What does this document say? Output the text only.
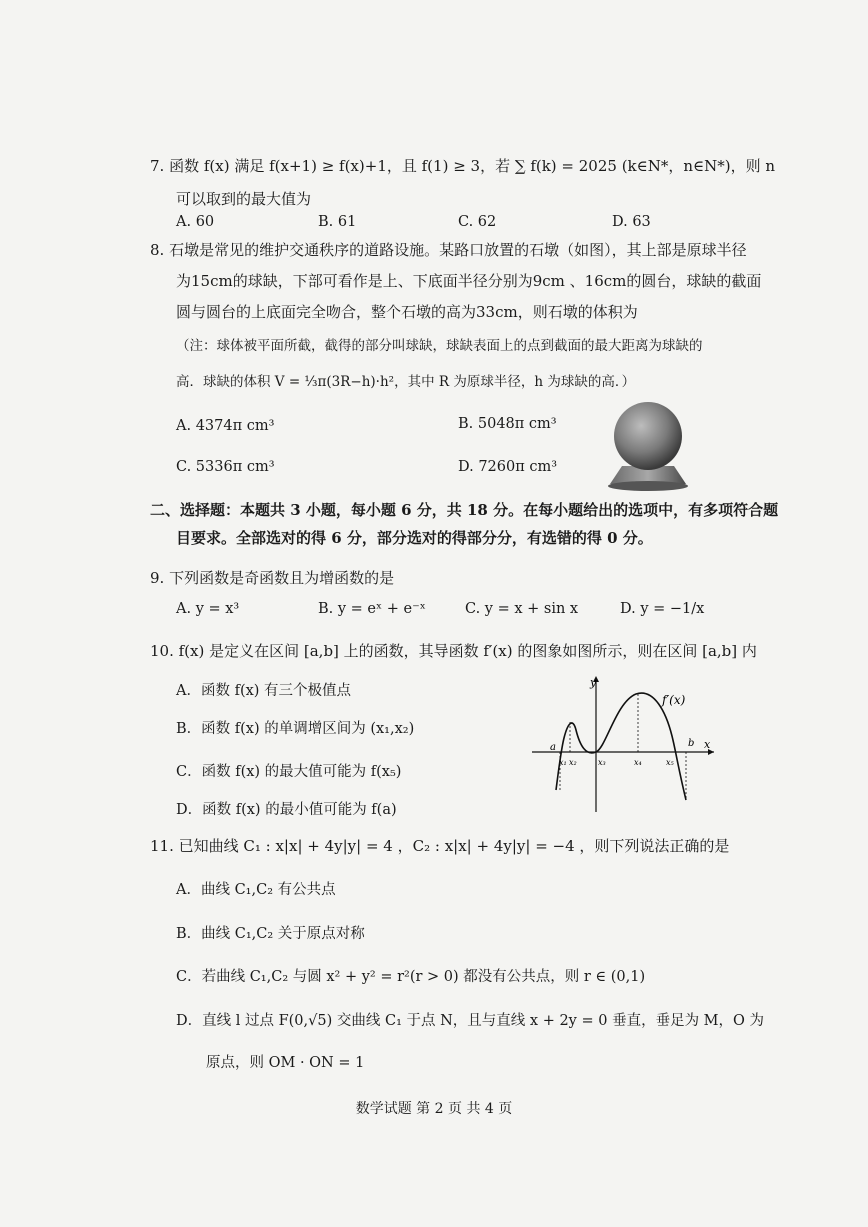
7. 函数 f(x) 满足 f(x+1) ≥ f(x)+1，且 f(1) ≥ 3，若 ∑ f(k) = 2025 (k∈N*，n∈N*)，则 n
可以取到的最大值为
A. 60	B. 61	C. 62	D. 63
8. 石墩是常见的维护交通秩序的道路设施。某路口放置的石墩（如图），其上部是原球半径
为15cm的球缺，下部可看作是上、下底面半径分别为9cm 、16cm的圆台，球缺的截面
圆与圆台的上底面完全吻合，整个石墩的高为33cm，则石墩的体积为
（注：球体被平面所截，截得的部分叫球缺，球缺表面上的点到截面的最大距离为球缺的
高．球缺的体积 V = ⅓π(3R−h)·h²，其中 R 为原球半径，h 为球缺的高．）
A. 4374π cm³	B. 5048π cm³
C. 5336π cm³	D. 7260π cm³
二、选择题：本题共 3 小题，每小题 6 分，共 18 分。在每小题给出的选项中，有多项符合题
目要求。全部选对的得 6 分，部分选对的得部分分，有选错的得 0 分。
9. 下列函数是奇函数且为增函数的是
A. y = x³	B. y = eˣ + e⁻ˣ	C. y = x + sin x	D. y = −1/x
10. f(x) 是定义在区间 [a,b] 上的函数，其导函数 f′(x) 的图象如图所示，则在区间 [a,b] 内
A．函数 f(x) 有三个极值点
B．函数 f(x) 的单调增区间为 (x₁,x₂)
C．函数 f(x) 的最大值可能为 f(x₅)
D．函数 f(x) 的最小值可能为 f(a)
y
x
f′(x)
a
x₁ x₂	x₃	x₄	x₅
b
11. 已知曲线 C₁ : x|x| + 4y|y| = 4 ，C₂ : x|x| + 4y|y| = −4 ，则下列说法正确的是
A．曲线 C₁,C₂ 有公共点
B．曲线 C₁,C₂ 关于原点对称
C．若曲线 C₁,C₂ 与圆 x² + y² = r²(r > 0) 都没有公共点，则 r ∈ (0,1)
D．直线 l 过点 F(0,√5) 交曲线 C₁ 于点 N，且与直线 x + 2y = 0 垂直，垂足为 M，O 为
原点，则 OM · ON = 1
数学试题 第 2 页 共 4 页
